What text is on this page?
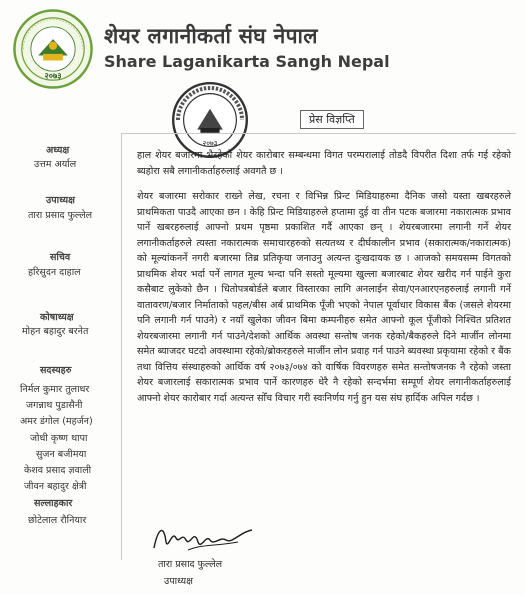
२०७३
शेयर लगानीकर्ता संघ नेपाल
Share Laganikarta Sangh Nepal
२०७३
प्रेस विज्ञप्ति
अध्यक्ष
उत्तम अर्याल
उपाध्यक्ष
तारा प्रसाद फुल्लेल
सचिव
हरिसुदन दाहाल
कोषाध्यक्ष
मोहन बहादुर बरनेत
सदस्यहरु
निर्मल कुमार तुलाधर
जगन्नाथ पुडासैनी
अमर डंगोल (महर्जन)
जोधी कृष्ण थापा
सुजन बजीमया
केशव प्रसाद ज्ञवाली
जीवन बहादुर क्षेत्री
सल्लाहकार
छोटेलाल रौनियार
हाल शेयर बजारमा भैरहेको शेयर कारोबार सम्बन्धमा विगत परम्परालाई तोडदै विपरीत दिशा तर्फ गई रहेको ब्यहोरा सबै लगानीकर्ताहरुलाई अवगतै छ ।
शेयर बजारमा सरोकार राख्ने लेख, रचना र विभिन्न प्रिन्ट मिडियाहरुमा दैनिक जसो यस्ता खबरहरुले प्राथमिकता पाउदै आएका छन । केहि प्रिन्ट मिडियाहरुले हप्तामा दुई वा तीन पटक बजारमा नकारात्मक प्रभाव पार्ने खबरहरुलाई आफ्नो प्रथम पृष्ठमा प्रकाशित गर्दै आएका छन् । शेयरबजारमा लगानी गर्ने शेयर लगानीकर्ताहरुले त्यस्ता नकारात्मक समाचारहरुको सत्यतथ्य र दीर्घकालीन प्रभाव (सकारात्मक/नकारात्मक) को मूल्यांकनर्ने नगरी बजारमा तिब्र प्रतिकृया जनाउनु अत्यन्त दुःखदायक छ । आजको समयसम्म विगतको प्राथमिक शेयर भर्दा पर्ने लागत मूल्य भन्दा पनि सस्तो मूल्यमा खुल्ला बजारबाट शेयर खरीद गर्न पाईने कुरा कसैबाट लुकेको छैन । धितोपत्रबोर्डले बजार विस्तारका लागि अनलाईन सेवा/एनआरएनहरुलाई लगानी गर्ने वातावरण/बजार निर्माताको पहल/बीस अर्ब प्राथमिक पूँजी भएको नेपाल पूर्वाधार विकास बैंक (जसले शेयरमा पनि लगानी गर्न पाउने) र नयाँ खुलेका जीवन बिमा कम्पनीहरु समेत आफ्नो कूल पूँजीको निश्चित प्रतिशत शेयरबजारमा लगानी गर्न पाउने/देशको आर्थिक अवस्था सन्तोष जनक रहेको/बैकहरुले दिने मार्जीन लोनमा समेत ब्याजदर घटदो अवस्थामा रहेको/ब्रोकरहरुले मार्जीन लोन प्रवाह गर्न पाउने ब्यवस्था प्रकृयामा रहेको र बैंक तथा वित्तिय संस्थाहरुको आर्थिक वर्ष २०७३/०७४ को वार्षिक विवरणहरु समेत सन्तोषजनक नै रहेको जस्ता शेयर बजारलाई सकारात्मक प्रभाव पार्ने कारणहरु धेरै नै रहेको सन्दर्भमा सम्पूर्ण शेयर लगानीकर्ताहरुलाई आफ्नो शेयर कारोबार गर्दा अत्यन्त सोँच विचार गरी स्वःनिर्णय गर्नु हुन यस संघ हार्दिक अपिल गर्दछ ।
तारा प्रसाद फुल्लेल
उपाध्यक्ष
